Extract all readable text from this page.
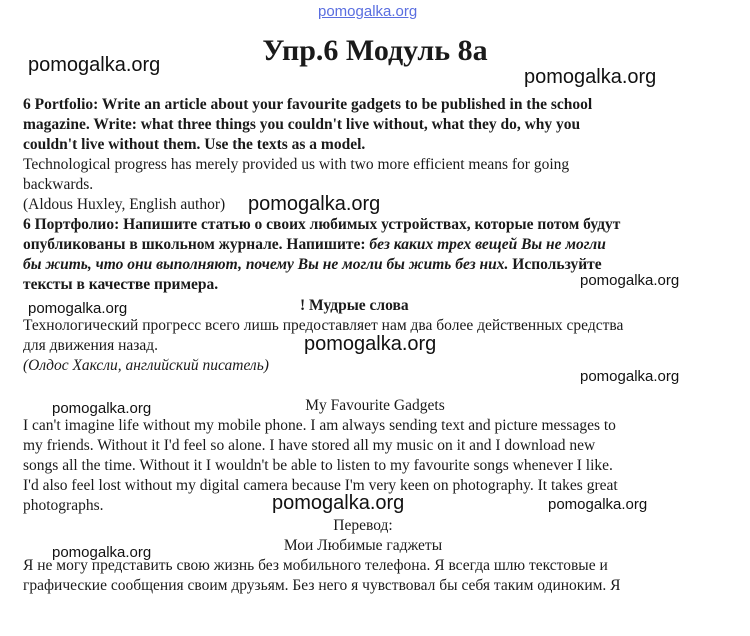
pomogalka.org
pomogalka.org
pomogalka.org
pomogalka.org
pomogalka.org
pomogalka.org
pomogalka.org
pomogalka.org
pomogalka.org
pomogalka.org	pomogalka.org
pomogalka.org
Упр.6 Модуль 8а
6 Portfolio: Write an article about your favourite gadgets to be published in the school
magazine. Write: what three things you couldn't live without, what they do, why you
couldn't live without them. Use the texts as a model.
Technological progress has merely provided us with two more efficient means for going
backwards.
(Aldous Huxley, English author)
6 Портфолио: Напишите статью о своих любимых устройствах, которые потом будут
опубликованы в школьном журнале. Напишите: без каких трех вещей Вы не могли
бы жить, что они выполняют, почему Вы не могли бы жить без них. Используйте
тексты в качестве примера.
! Мудрые слова
Технологический прогресс всего лишь предоставляет нам два более действенных средства
для движения назад.
(Олдос Хаксли, английский писатель)
My Favourite Gadgets
I can't imagine life without my mobile phone. I am always sending text and picture messages to
my friends. Without it I'd feel so alone. I have stored all my music on it and I download new
songs all the time. Without it I wouldn't be able to listen to my favourite songs whenever I like.
I'd also feel lost without my digital camera because I'm very keen on photography. It takes great
photographs.
Перевод:
Мои Любимые гаджеты
Я не могу представить свою жизнь без мобильного телефона. Я всегда шлю текстовые и
графические сообщения своим друзьям. Без него я чувствовал бы себя таким одиноким. Я
